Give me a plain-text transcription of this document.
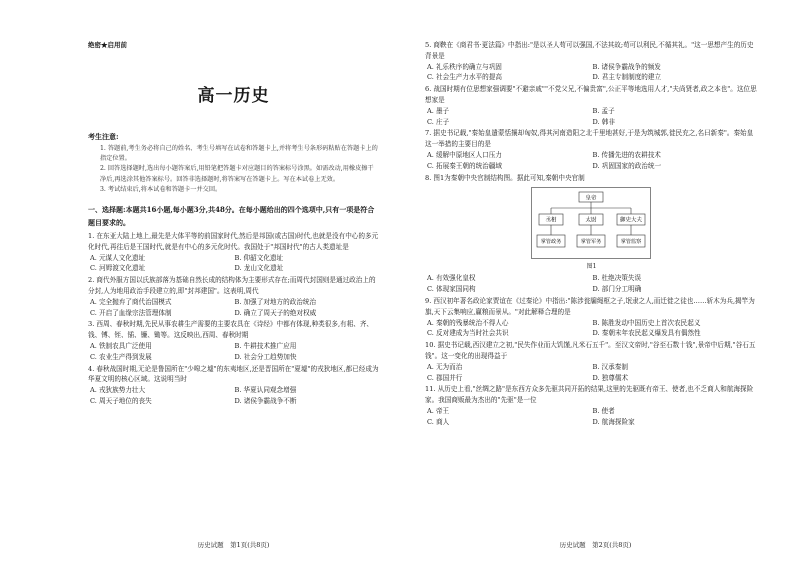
绝密★启用前
高一历史
考生注意:

1. 答题前,考生务必将自己的姓名、考生号填写在试卷和答题卡上,并将考生号条形码粘贴在答题卡上的指定位置。

2. 回答选择题时,选出每小题答案后,用铅笔把答题卡对应题目的答案标号涂黑。如需改动,用橡皮擦干净后,再选涂其他答案标号。回答非选择题时,将答案写在答题卡上。写在本试卷上无效。

3. 考试结束后,将本试卷和答题卡一并交回。

一、选择题:本题共16小题,每小题3分,共48分。在每小题给出的四个选项中,只有一项是符合题目要求的。

1. 在东亚大陆上地上,最先是大体平等的前国家时代,然后是邦国(或古国)时代,也就是没有中心的多元化时代,再往后是王国时代,就是有中心的多元化时代。我国处于"邦国时代"的古人类遗址是

A. 元谋人文化遗址	B. 仰韶文化遗址
C. 河姆渡文化遗址	D. 龙山文化遗址

2. 商代外服方国以氏族部落为基础自然长成的结构体为主要形式存在;而周代封国则是通过政治上的分封,人为地用政治手段建立的,即"封邦建国"。这表明,周代

A. 完全抛弃了商代治国模式	B. 加强了对地方的政治统治
C. 开启了血缘宗法管理体制	D. 确立了周天子的绝对权威

3. 西周、春秋时期,先民从事农耕生产需要的主要农具在《诗经》中都有体现,种类很多,有耜、齐、钱、镈、铚、锸、镰、锄等。这反映出,西周、春秋时期

A. 铁制农具广泛使用	B. 牛耕技术推广应用
C. 农业生产得到发展	D. 社会分工趋势加快

4. 春秋战国时期,无论是鲁国所在"少嗥之墟"的东夷地区,还是晋国所在"夏墟"的戎狄地区,都已经成为华夏文明的核心区域。这说明当时

A. 戎狄族势力壮大	B. 华夏认同观念增强
C. 周天子地位的丧失	D. 诸侯争霸战争不断
历史试题　第1页(共8页)

5. 商鞅在《商君书·更法篇》中指出:"是以圣人苟可以强国,不法其故;苟可以利民,不循其礼。"这一思想产生的历史背景是

A. 礼乐秩序的确立与巩固	B. 诸侯争霸战争的频发
C. 社会生产力水平的提高	D. 君主专制制度的建立

6. 战国时期有位思想家强调要"不避亲戚""不党父兄,不偏贵富",公正平等地选用人才,"夫尚贤者,政之本也"。这位思想家是

A. 墨子	B. 孟子
C. 庄子	D. 韩非

7. 据史书记载,"秦始皇遣蒙恬攘却匈奴,得其河南造阳之北千里地甚好,于是为筑城郭,徙民充之,名曰新秦"。秦始皇这一举措的主要目的是

A. 缓解中原地区人口压力	B. 传播先进的农耕技术
C. 拓展秦王朝的统治疆域	D. 巩固国家的政治统一

8. 图1为秦朝中央官制结构图。据此可知,秦朝中央官制

皇帝
丞相	太尉	御史大夫
掌管政务	掌管军务	掌管监察
图1
A. 有效强化皇权	B. 杜绝决策失误
C. 体现家国同构	D. 部门分工明确

9. 西汉初年著名政论家贾谊在《过秦论》中指出:"陈涉瓮牖绳枢之子,氓隶之人,而迁徙之徒也……斩木为兵,揭竿为旗,天下云集响应,赢粮而景从。"对此解释合理的是

A. 秦朝的残暴统治不得人心	B. 陈胜发动中国历史上首次农民起义
C. 反对建成为当时社会共识	D. 秦朝末年农民起义爆发具有偶然性

10. 据史书记载,西汉建立之初,"民失作业而大饥馑,凡米石五千"。至汉文帝时,"谷至石数十钱",景帝中后期,"谷石五钱"。这一变化的出现得益于

A. 无为而治	B. 汉承秦制
C. 郡国并行	D. 独尊儒术

11. 从历史上看,"丝绸之路"是东西方众多先驱共同开拓的结果,这里的先驱既有帝王、使者,也不乏商人和航海探险家。我国商贩最为杰出的"先驱"是一位

A. 帝王	B. 使者
C. 商人	D. 航海探险家
历史试题　第2页(共8页)
